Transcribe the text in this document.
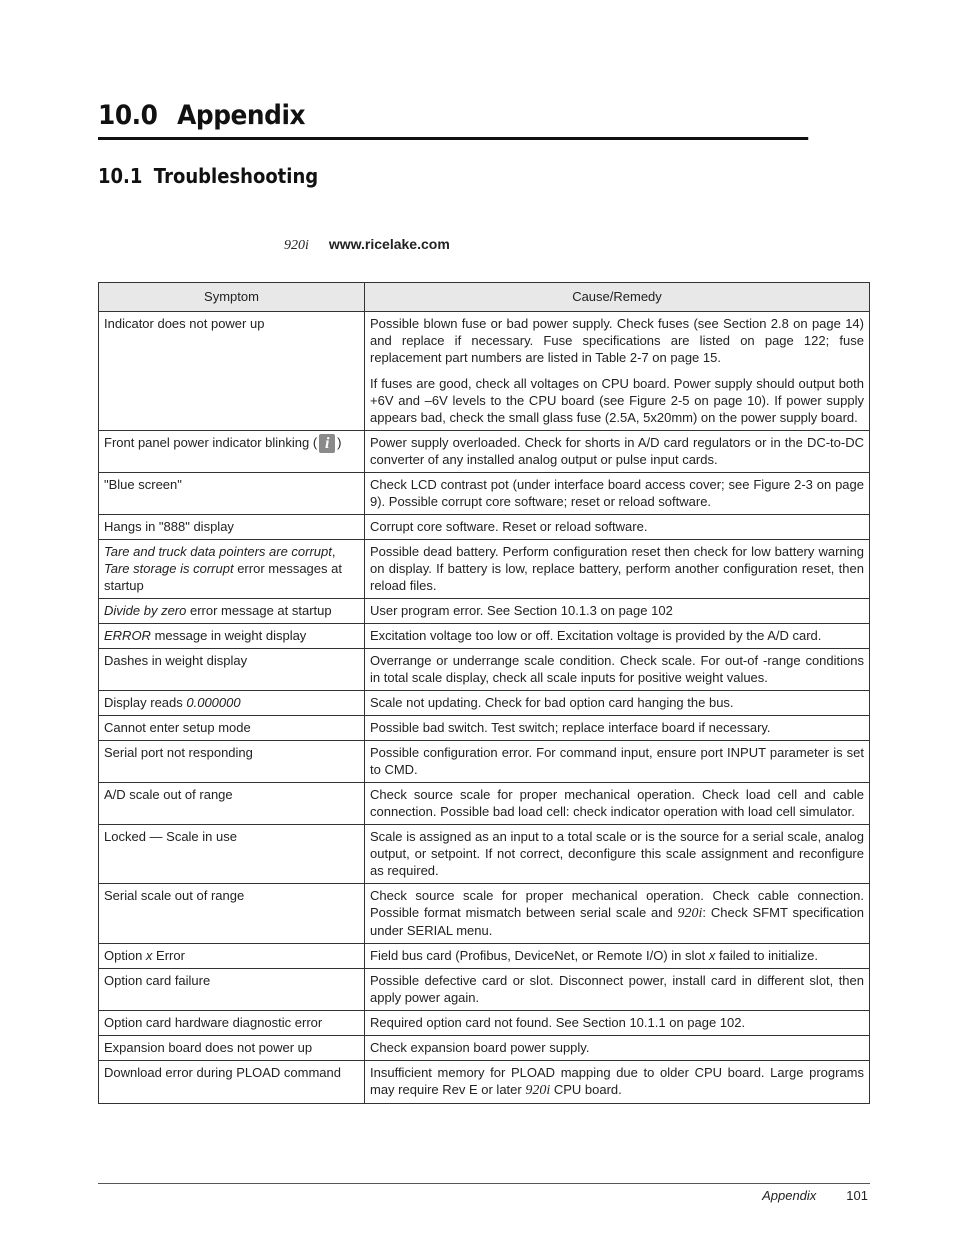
10.0 Appendix
10.1 Troubleshooting
920i www.ricelake.com
Symptom	Cause/Remedy
Indicator does not power up	Possible blown fuse or bad power supply. Check fuses (see Section 2.8 on page 14) and replace if necessary. Fuse specifications are listed on page 122; fuse replacement part numbers are listed in Table 2-7 on page 15.

If fuses are good, check all voltages on CPU board. Power supply should output both +6V and –6V levels to the CPU board (see Figure 2-5 on page 10). If power supply appears bad, check the small glass fuse (2.5A, 5x20mm) on the power supply board.

Front panel power indicator blinking ( i )	Power supply overloaded. Check for shorts in A/D card regulators or in the DC-to-DC converter of any installed analog output or pulse input cards.
"Blue screen"	Check LCD contrast pot (under interface board access cover; see Figure 2-3 on page 9). Possible corrupt core software; reset or reload software.
Hangs in "888" display	Corrupt core software. Reset or reload software.
Tare and truck data pointers are corrupt, Tare storage is corrupt error messages at startup	Possible dead battery. Perform configuration reset then check for low battery warning on display. If battery is low, replace battery, perform another configuration reset, then reload files.
Divide by zero error message at startup	User program error. See Section 10.1.3 on page 102
ERROR message in weight display	Excitation voltage too low or off. Excitation voltage is provided by the A/D card.
Dashes in weight display	Overrange or underrange scale condition. Check scale. For out-of -range conditions in total scale display, check all scale inputs for positive weight values.
Display reads 0.000000	Scale not updating. Check for bad option card hanging the bus.
Cannot enter setup mode	Possible bad switch. Test switch; replace interface board if necessary.
Serial port not responding	Possible configuration error. For command input, ensure port INPUT parameter is set to CMD.
A/D scale out of range	Check source scale for proper mechanical operation. Check load cell and cable connection. Possible bad load cell: check indicator operation with load cell simulator.
Locked — Scale in use	Scale is assigned as an input to a total scale or is the source for a serial scale, analog output, or setpoint. If not correct, deconfigure this scale assignment and reconfigure as required.
Serial scale out of range	Check source scale for proper mechanical operation. Check cable connection. Possible format mismatch between serial scale and 920i: Check SFMT specification under SERIAL menu.
Option x Error	Field bus card (Profibus, DeviceNet, or Remote I/O) in slot x failed to initialize.
Option card failure	Possible defective card or slot. Disconnect power, install card in different slot, then apply power again.
Option card hardware diagnostic error	Required option card not found. See Section 10.1.1 on page 102.
Expansion board does not power up	Check expansion board power supply.
Download error during PLOAD command	Insufficient memory for PLOAD mapping due to older CPU board. Large programs may require Rev E or later 920i CPU board.
Appendix 101
